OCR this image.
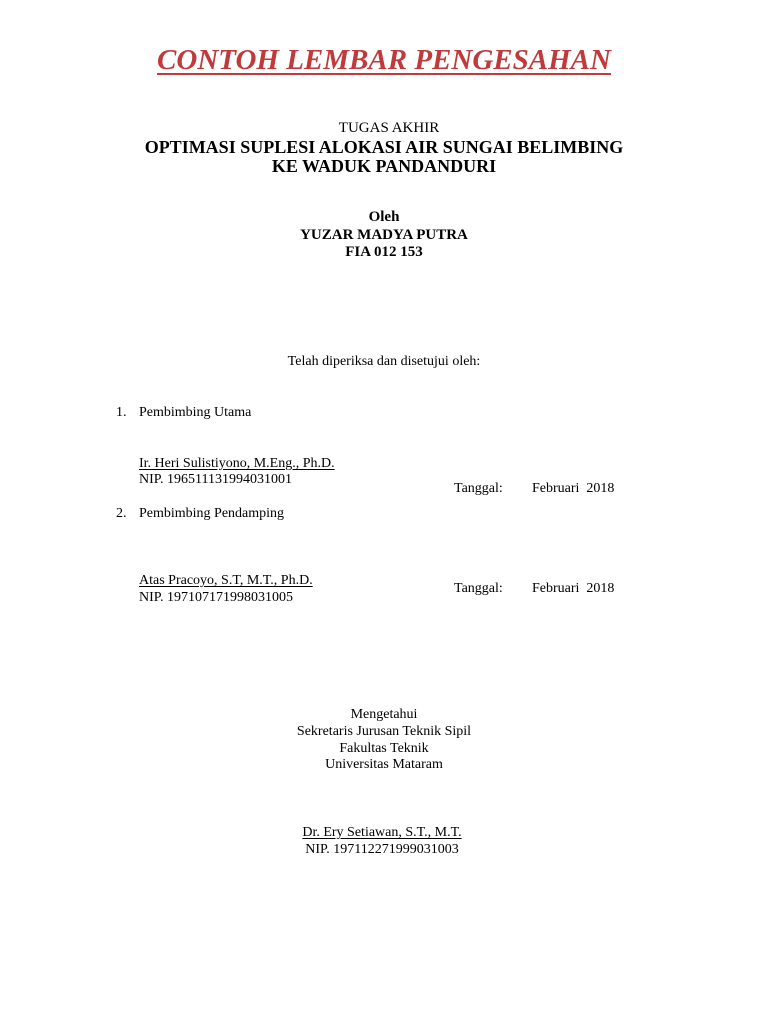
CONTOH LEMBAR PENGESAHAN
TUGAS AKHIR
OPTIMASI SUPLESI ALOKASI AIR SUNGAI BELIMBING
KE WADUK PANDANDURI
Oleh
YUZAR MADYA PUTRA
FIA 012 153
Telah diperiksa dan disetujui oleh:
1. Pembimbing Utama
Ir. Heri Sulistiyono, M.Eng., Ph.D.
NIP. 196511131994031001
Tanggal: Februari  2018
2. Pembimbing Pendamping
Atas Pracoyo, S.T, M.T., Ph.D.
NIP. 197107171998031005
Tanggal: Februari  2018
Mengetahui
Sekretaris Jurusan Teknik Sipil
Fakultas Teknik
Universitas Mataram
Dr. Ery Setiawan, S.T., M.T.
NIP. 197112271999031003
